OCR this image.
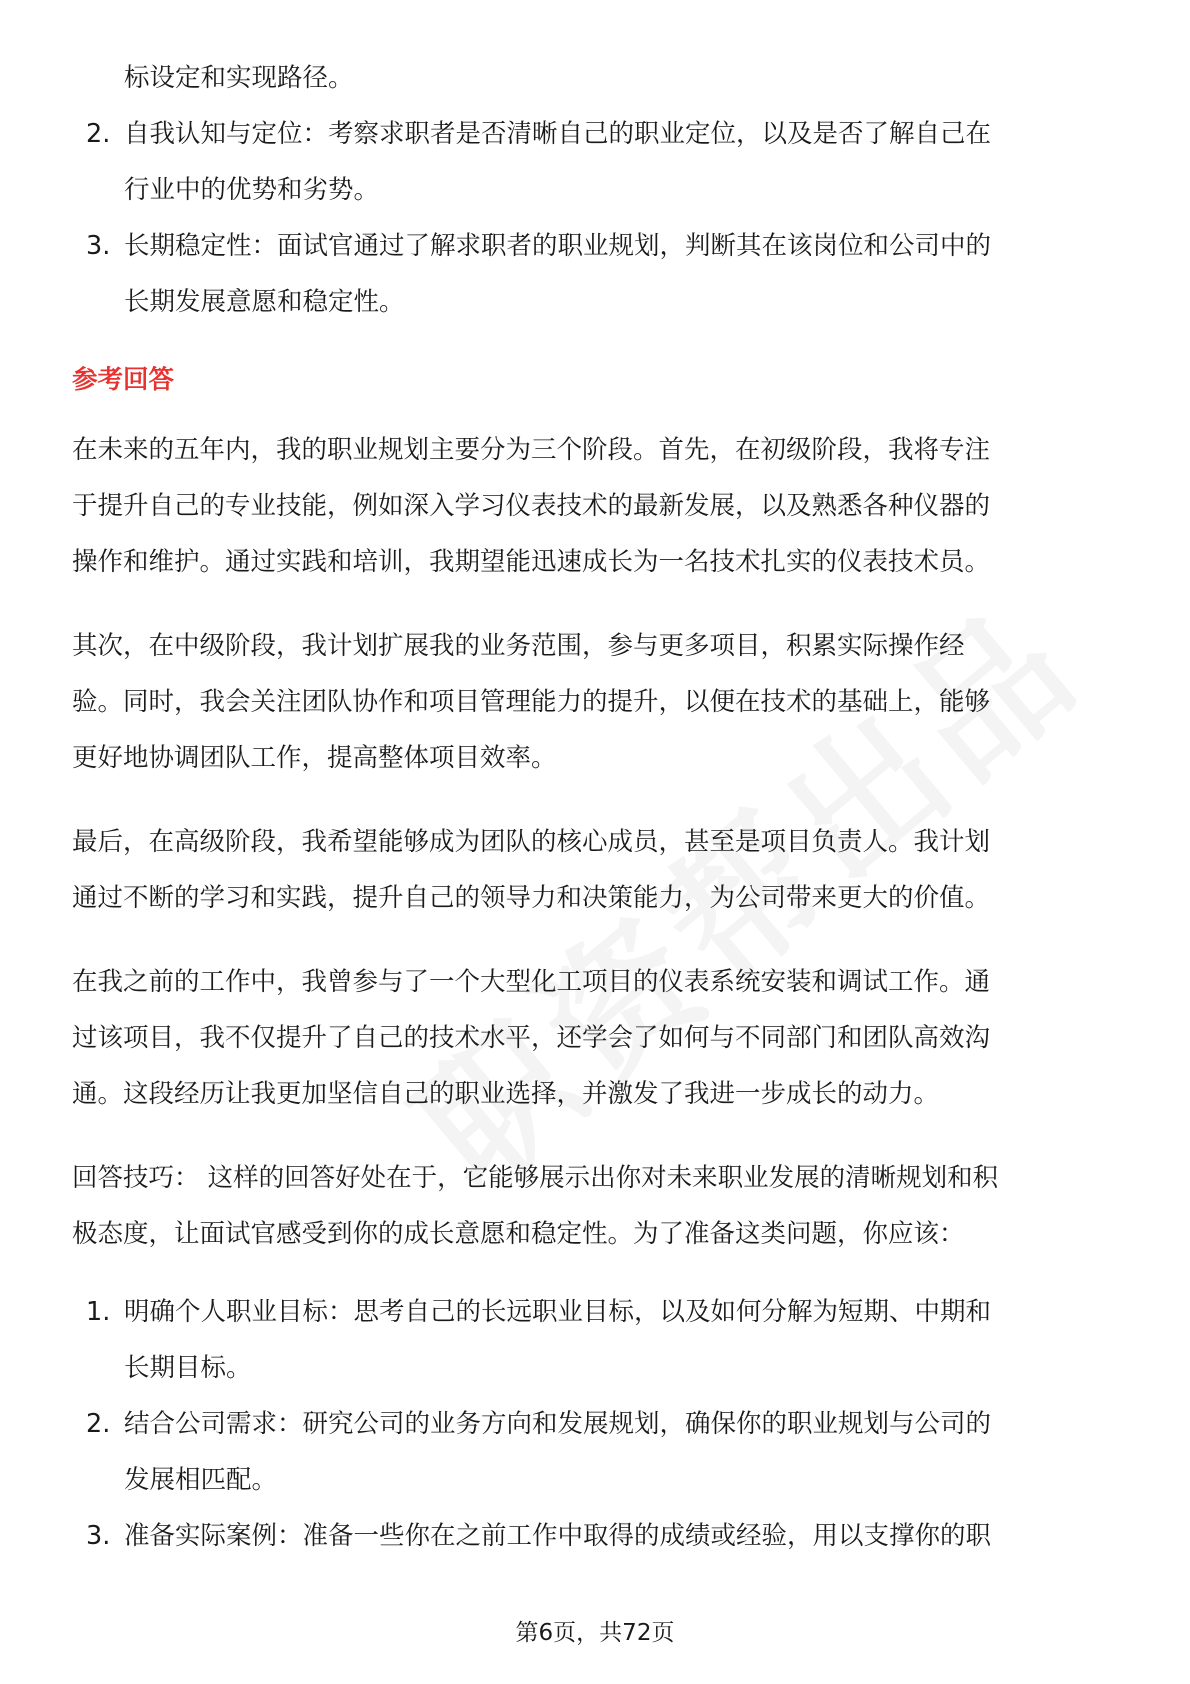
标设定和实现路径。
2. 自我认知与定位：考察求职者是否清晰自己的职业定位，以及是否了解自己在
行业中的优势和劣势。
3. 长期稳定性：面试官通过了解求职者的职业规划，判断其在该岗位和公司中的
长期发展意愿和稳定性。
参考回答
在未来的五年内，我的职业规划主要分为三个阶段。首先，在初级阶段，我将专注
于提升自己的专业技能，例如深入学习仪表技术的最新发展，以及熟悉各种仪器的
操作和维护。通过实践和培训，我期望能迅速成长为一名技术扎实的仪表技术员。
其次，在中级阶段，我计划扩展我的业务范围，参与更多项目，积累实际操作经
验。同时，我会关注团队协作和项目管理能力的提升，以便在技术的基础上，能够
更好地协调团队工作，提高整体项目效率。
最后，在高级阶段，我希望能够成为团队的核心成员，甚至是项目负责人。我计划
通过不断的学习和实践，提升自己的领导力和决策能力，为公司带来更大的价值。
在我之前的工作中，我曾参与了一个大型化工项目的仪表系统安装和调试工作。通
过该项目，我不仅提升了自己的技术水平，还学会了如何与不同部门和团队高效沟
通。这段经历让我更加坚信自己的职业选择，并激发了我进一步成长的动力。
回答技巧： 这样的回答好处在于，它能够展示出你对未来职业发展的清晰规划和积
极态度，让面试官感受到你的成长意愿和稳定性。为了准备这类问题，你应该：
1. 明确个人职业目标：思考自己的长远职业目标，以及如何分解为短期、中期和
长期目标。
2. 结合公司需求：研究公司的业务方向和发展规划，确保你的职业规划与公司的
发展相匹配。
3. 准备实际案例：准备一些你在之前工作中取得的成绩或经验，用以支撑你的职
第6页，共72页
